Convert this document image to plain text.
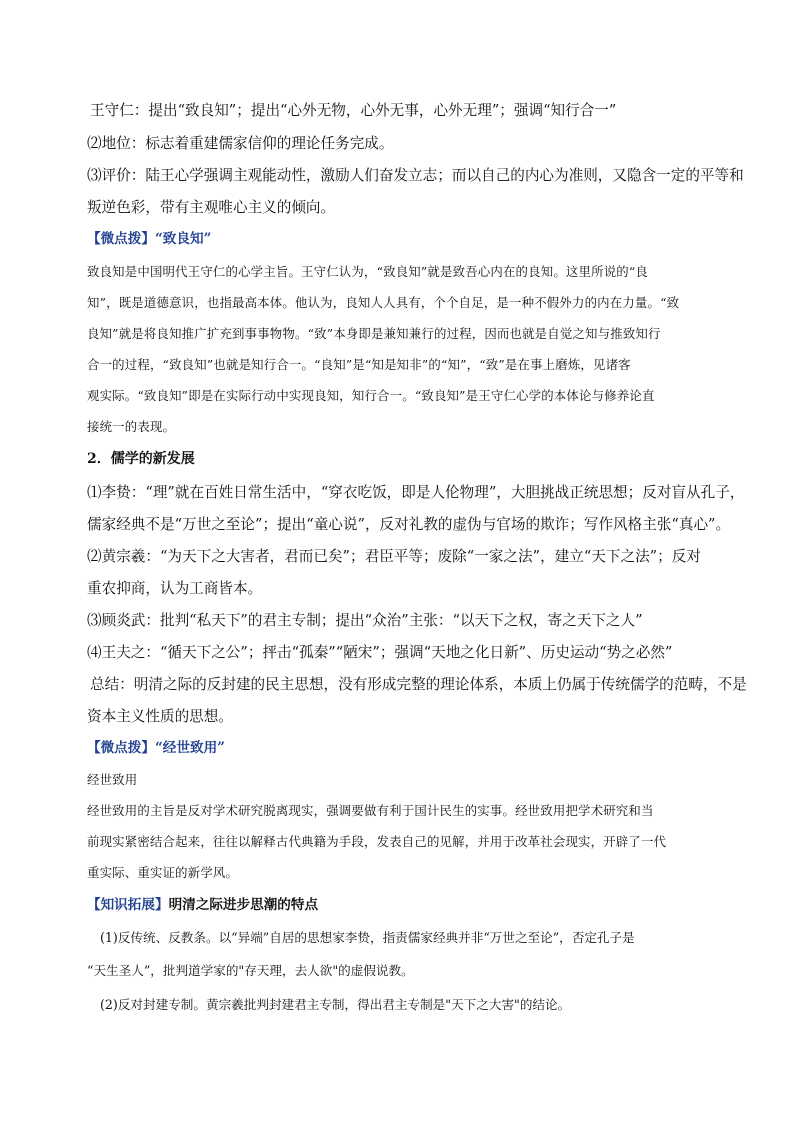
王守仁：提出“致良知”；提出“心外无物，心外无事，心外无理”；强调“知行合一”
⑵地位：标志着重建儒家信仰的理论任务完成。
⑶评价：陆王心学强调主观能动性，激励人们奋发立志；而以自己的内心为准则，又隐含一定的平等和
叛逆色彩，带有主观唯心主义的倾向。
【微点拨】“致良知”
致良知是中国明代王守仁的心学主旨。王守仁认为，“致良知”就是致吾心内在的良知。这里所说的“良
知”，既是道德意识，也指最高本体。他认为，良知人人具有，个个自足，是一种不假外力的内在力量。“致
良知”就是将良知推广扩充到事事物物。“致”本身即是兼知兼行的过程，因而也就是自觉之知与推致知行
合一的过程，“致良知”也就是知行合一。“良知”是“知是知非”的“知”，“致”是在事上磨炼，见诸客
观实际。“致良知”即是在实际行动中实现良知，知行合一。“致良知”是王守仁心学的本体论与修养论直
接统一的表现。
2．儒学的新发展
⑴李贽：“理”就在百姓日常生活中，“穿衣吃饭，即是人伦物理”，大胆挑战正统思想；反对盲从孔子，
儒家经典不是“万世之至论”；提出“童心说”，反对礼教的虚伪与官场的欺诈；写作风格主张“真心”。
⑵黄宗羲：“为天下之大害者，君而已矣”；君臣平等；废除“一家之法”，建立“天下之法”；反对
重农抑商，认为工商皆本。
⑶顾炎武：批判“私天下”的君主专制；提出“众治”主张：“以天下之权，寄之天下之人”
⑷王夫之：“循天下之公”；抨击“孤秦”“陋宋”；强调“天地之化日新”、历史运动“势之必然”
总结：明清之际的反封建的民主思想，没有形成完整的理论体系，本质上仍属于传统儒学的范畴，不是
资本主义性质的思想。
【微点拨】“经世致用”
经世致用
经世致用的主旨是反对学术研究脱离现实，强调要做有利于国计民生的实事。经世致用把学术研究和当
前现实紧密结合起来，往往以解释古代典籍为手段，发表自己的见解，并用于改革社会现实，开辟了一代
重实际、重实证的新学风。
【知识拓展】明清之际进步思潮的特点
(1)反传统、反教条。以“异端”自居的思想家李贽，指责儒家经典并非“万世之至论”，否定孔子是
“天生圣人”，批判道学家的"存天理，去人欲"的虚假说教。
(2)反对封建专制。黄宗羲批判封建君主专制，得出君主专制是"天下之大害"的结论。
